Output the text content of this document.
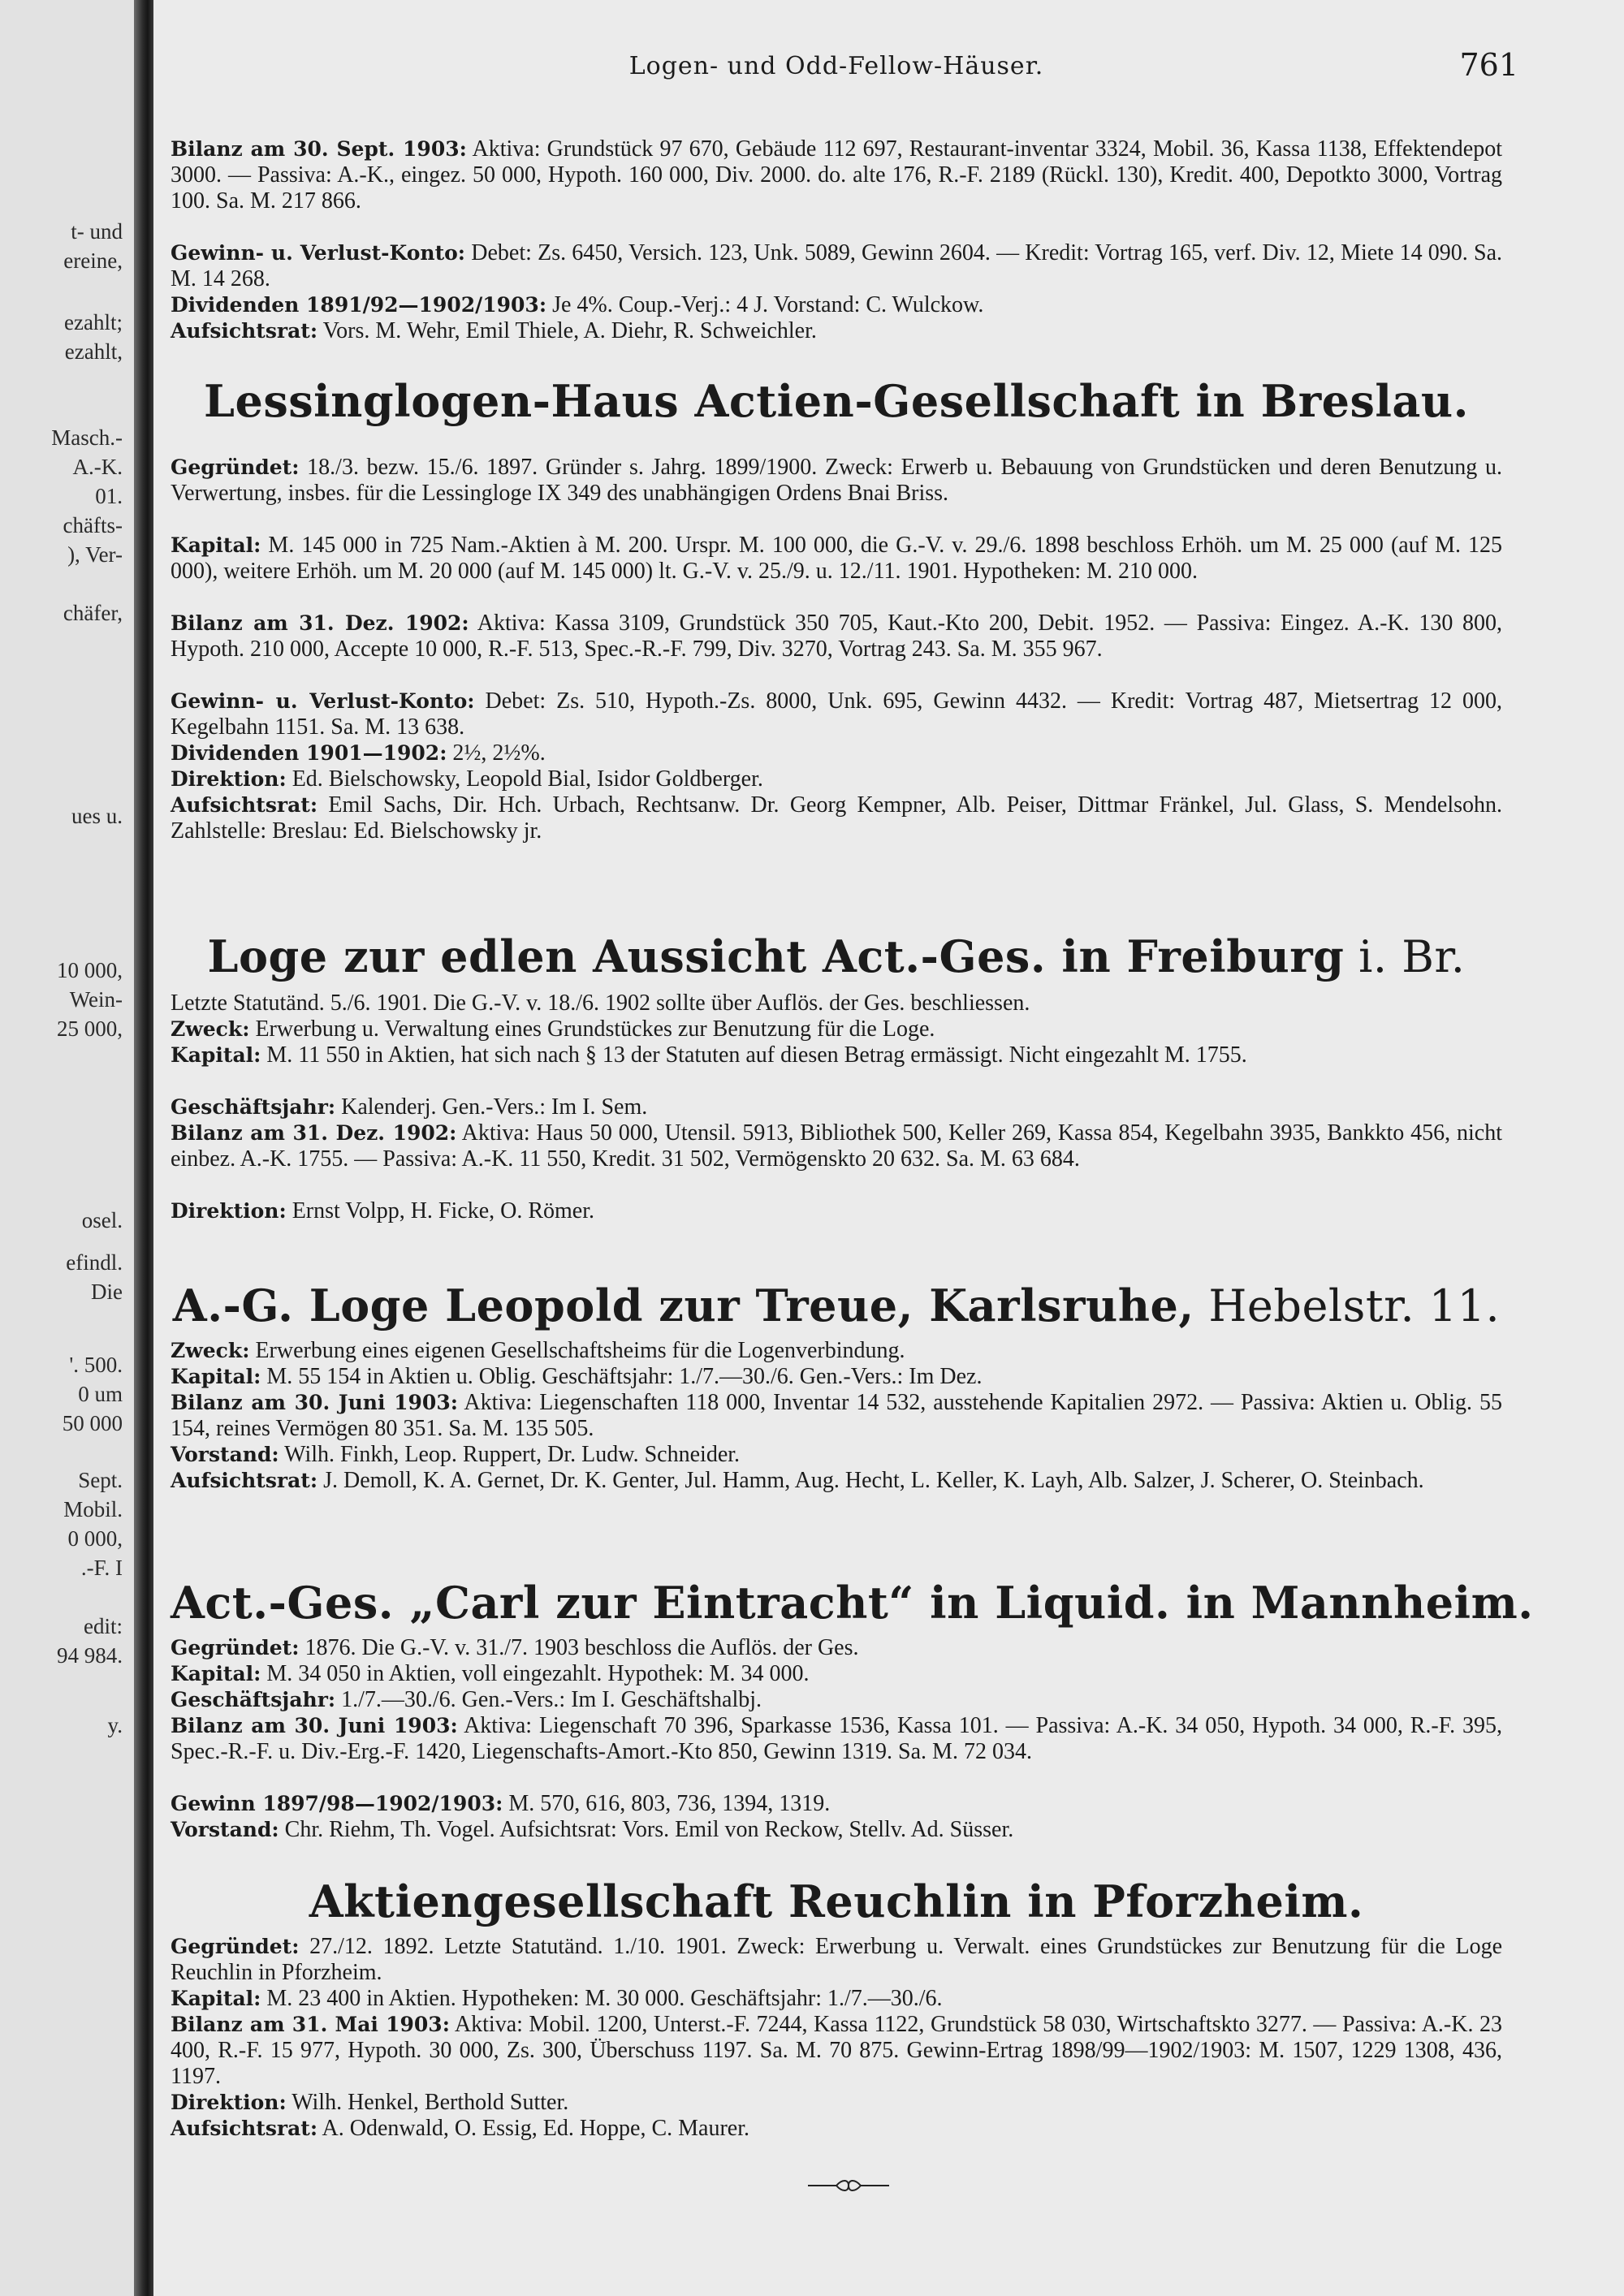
t- und
ereine,
ezahlt;
ezahlt,
Masch.-
A.-K.
01.
chäfts-
), Ver-
chäfer,
ues u.
10 000,
Wein-
25 000,
osel.
efindl.
Die
'. 500.
0 um
50 000
Sept.
Mobil.
0 000,
.-F. I
edit:
94 984.
y.
Logen- und Odd-Fellow-Häuser.	761
Bilanz am 30. Sept. 1903: Aktiva: Grundstück 97 670, Gebäude 112 697, Restaurant-inventar 3324, Mobil. 36, Kassa 1138, Effektendepot 3000. — Passiva: A.-K., eingez. 50 000, Hypoth. 160 000, Div. 2000. do. alte 176, R.-F. 2189 (Rückl. 130), Kredit. 400, Depotkto 3000, Vortrag 100. Sa. M. 217 866.
Gewinn- u. Verlust-Konto: Debet: Zs. 6450, Versich. 123, Unk. 5089, Gewinn 2604. — Kredit: Vortrag 165, verf. Div. 12, Miete 14 090. Sa. M. 14 268.
Dividenden 1891/92—1902/1903: Je 4%. Coup.-Verj.: 4 J. Vorstand: C. Wulckow.
Aufsichtsrat: Vors. M. Wehr, Emil Thiele, A. Diehr, R. Schweichler.
Lessinglogen-Haus Actien-Gesellschaft in Breslau.
Gegründet: 18./3. bezw. 15./6. 1897. Gründer s. Jahrg. 1899/1900. Zweck: Erwerb u. Bebauung von Grundstücken und deren Benutzung u. Verwertung, insbes. für die Lessingloge IX 349 des unabhängigen Ordens Bnai Briss.
Kapital: M. 145 000 in 725 Nam.-Aktien à M. 200. Urspr. M. 100 000, die G.-V. v. 29./6. 1898 beschloss Erhöh. um M. 25 000 (auf M. 125 000), weitere Erhöh. um M. 20 000 (auf M. 145 000) lt. G.-V. v. 25./9. u. 12./11. 1901. Hypotheken: M. 210 000.
Bilanz am 31. Dez. 1902: Aktiva: Kassa 3109, Grundstück 350 705, Kaut.-Kto 200, Debit. 1952. — Passiva: Eingez. A.-K. 130 800, Hypoth. 210 000, Accepte 10 000, R.-F. 513, Spec.-R.-F. 799, Div. 3270, Vortrag 243. Sa. M. 355 967.
Gewinn- u. Verlust-Konto: Debet: Zs. 510, Hypoth.-Zs. 8000, Unk. 695, Gewinn 4432. — Kredit: Vortrag 487, Mietsertrag 12 000, Kegelbahn 1151. Sa. M. 13 638.
Dividenden 1901—1902: 2½, 2½%.
Direktion: Ed. Bielschowsky, Leopold Bial, Isidor Goldberger.
Aufsichtsrat: Emil Sachs, Dir. Hch. Urbach, Rechtsanw. Dr. Georg Kempner, Alb. Peiser, Dittmar Fränkel, Jul. Glass, S. Mendelsohn. Zahlstelle: Breslau: Ed. Bielschowsky jr.
Loge zur edlen Aussicht Act.-Ges. in Freiburg i. Br.
Letzte Statutänd. 5./6. 1901. Die G.-V. v. 18./6. 1902 sollte über Auflös. der Ges. beschliessen.
Zweck: Erwerbung u. Verwaltung eines Grundstückes zur Benutzung für die Loge.
Kapital: M. 11 550 in Aktien, hat sich nach § 13 der Statuten auf diesen Betrag ermässigt. Nicht eingezahlt M. 1755.
Geschäftsjahr: Kalenderj. Gen.-Vers.: Im I. Sem.
Bilanz am 31. Dez. 1902: Aktiva: Haus 50 000, Utensil. 5913, Bibliothek 500, Keller 269, Kassa 854, Kegelbahn 3935, Bankkto 456, nicht einbez. A.-K. 1755. — Passiva: A.-K. 11 550, Kredit. 31 502, Vermögenskto 20 632. Sa. M. 63 684.
Direktion: Ernst Volpp, H. Ficke, O. Römer.
A.-G. Loge Leopold zur Treue, Karlsruhe, Hebelstr. 11.
Zweck: Erwerbung eines eigenen Gesellschaftsheims für die Logenverbindung.
Kapital: M. 55 154 in Aktien u. Oblig. Geschäftsjahr: 1./7.—30./6. Gen.-Vers.: Im Dez.
Bilanz am 30. Juni 1903: Aktiva: Liegenschaften 118 000, Inventar 14 532, ausstehende Kapitalien 2972. — Passiva: Aktien u. Oblig. 55 154, reines Vermögen 80 351. Sa. M. 135 505.
Vorstand: Wilh. Finkh, Leop. Ruppert, Dr. Ludw. Schneider.
Aufsichtsrat: J. Demoll, K. A. Gernet, Dr. K. Genter, Jul. Hamm, Aug. Hecht, L. Keller, K. Layh, Alb. Salzer, J. Scherer, O. Steinbach.
Act.-Ges. „Carl zur Eintracht“ in Liquid. in Mannheim.
Gegründet: 1876. Die G.-V. v. 31./7. 1903 beschloss die Auflös. der Ges.
Kapital: M. 34 050 in Aktien, voll eingezahlt. Hypothek: M. 34 000.
Geschäftsjahr: 1./7.—30./6. Gen.-Vers.: Im I. Geschäftshalbj.
Bilanz am 30. Juni 1903: Aktiva: Liegenschaft 70 396, Sparkasse 1536, Kassa 101. — Passiva: A.-K. 34 050, Hypoth. 34 000, R.-F. 395, Spec.-R.-F. u. Div.-Erg.-F. 1420, Liegenschafts-Amort.-Kto 850, Gewinn 1319. Sa. M. 72 034.
Gewinn 1897/98—1902/1903: M. 570, 616, 803, 736, 1394, 1319.
Vorstand: Chr. Riehm, Th. Vogel. Aufsichtsrat: Vors. Emil von Reckow, Stellv. Ad. Süsser.
Aktiengesellschaft Reuchlin in Pforzheim.
Gegründet: 27./12. 1892. Letzte Statutänd. 1./10. 1901. Zweck: Erwerbung u. Verwalt. eines Grundstückes zur Benutzung für die Loge Reuchlin in Pforzheim.
Kapital: M. 23 400 in Aktien. Hypotheken: M. 30 000. Geschäftsjahr: 1./7.—30./6.
Bilanz am 31. Mai 1903: Aktiva: Mobil. 1200, Unterst.-F. 7244, Kassa 1122, Grundstück 58 030, Wirtschaftskto 3277. — Passiva: A.-K. 23 400, R.-F. 15 977, Hypoth. 30 000, Zs. 300, Überschuss 1197. Sa. M. 70 875. Gewinn-Ertrag 1898/99—1902/1903: M. 1507, 1229 1308, 436, 1197.
Direktion: Wilh. Henkel, Berthold Sutter.
Aufsichtsrat: A. Odenwald, O. Essig, Ed. Hoppe, C. Maurer.
